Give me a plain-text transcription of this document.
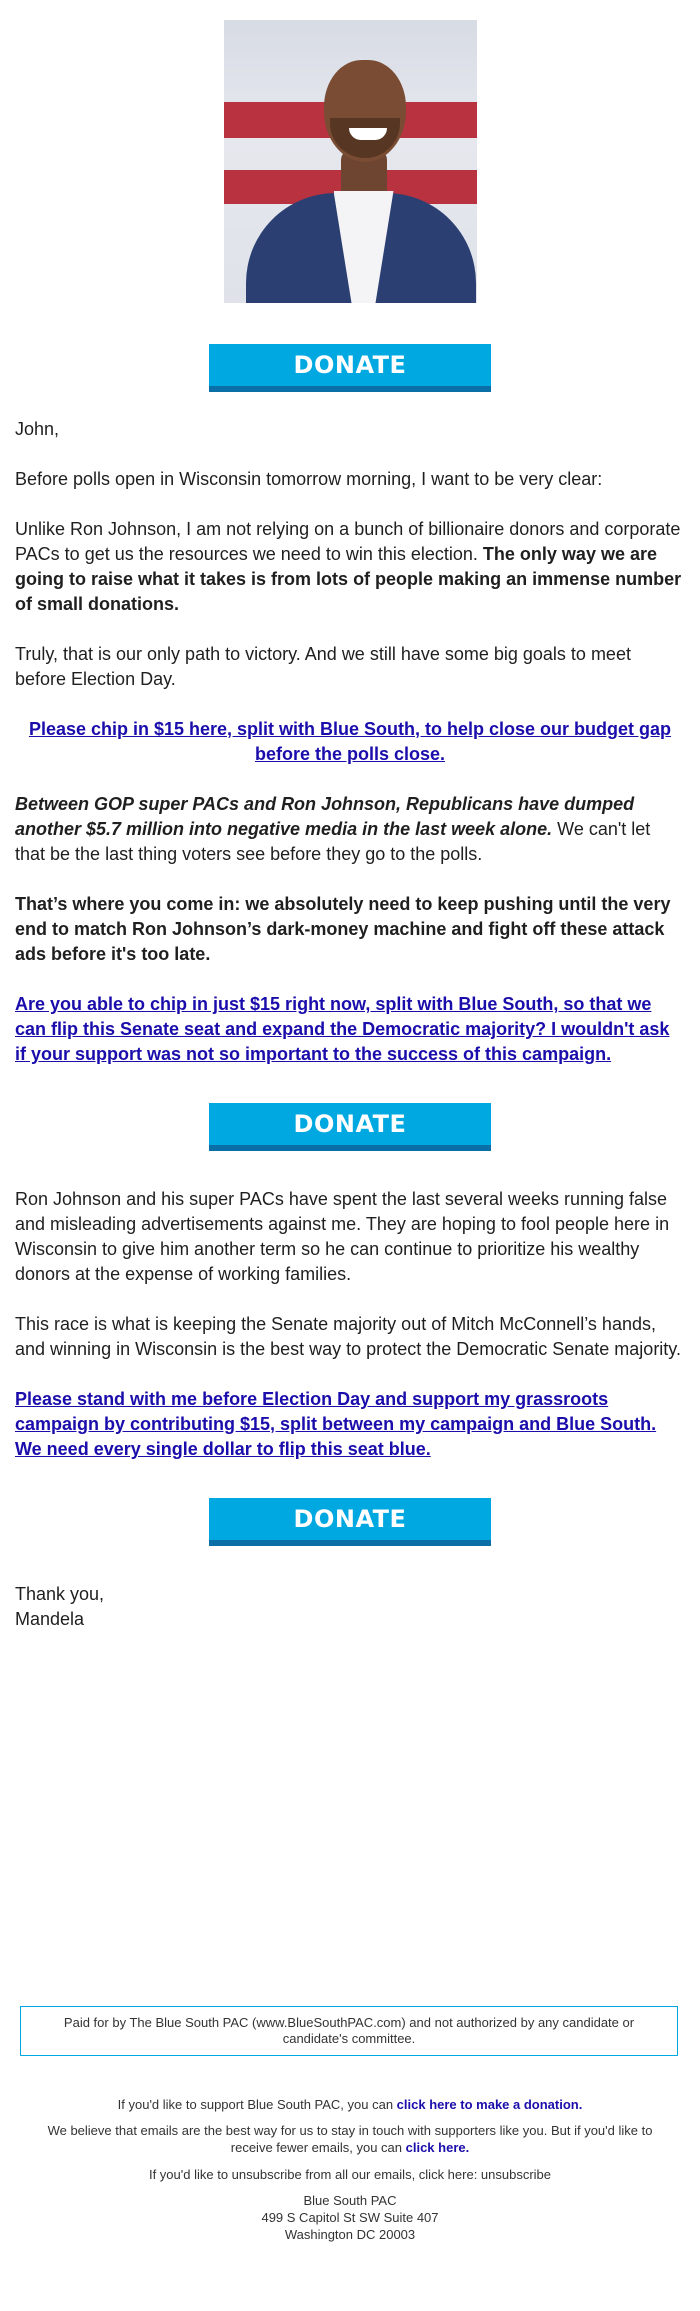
DONATE

John,

Before polls open in Wisconsin tomorrow morning, I want to be very clear:

Unlike Ron Johnson, I am not relying on a bunch of billionaire donors and corporate PACs to get us the resources we need to win this election. The only way we are going to raise what it takes is from lots of people making an immense number of small donations.

Truly, that is our only path to victory. And we still have some big goals to meet before Election Day.

Please chip in $15 here, split with Blue South, to help close our budget gap before the polls close.

Between GOP super PACs and Ron Johnson, Republicans have dumped another $5.7 million into negative media in the last week alone. We can't let that be the last thing voters see before they go to the polls.

That’s where you come in: we absolutely need to keep pushing until the very end to match Ron Johnson’s dark-money machine and fight off these attack ads before it's too late.

Are you able to chip in just $15 right now, split with Blue South, so that we can flip this Senate seat and expand the Democratic majority? I wouldn't ask if your support was not so important to the success of this campaign.

DONATE

Ron Johnson and his super PACs have spent the last several weeks running false and misleading advertisements against me. They are hoping to fool people here in Wisconsin to give him another term so he can continue to prioritize his wealthy donors at the expense of working families.

This race is what is keeping the Senate majority out of Mitch McConnell’s hands, and winning in Wisconsin is the best way to protect the Democratic Senate majority.

Please stand with me before Election Day and support my grassroots campaign by contributing $15, split between my campaign and Blue South. We need every single dollar to flip this seat blue.

DONATE

Thank you,

Mandela

Paid for by The Blue South PAC (www.BlueSouthPAC.com) and not authorized by any candidate or candidate's committee.
If you'd like to support Blue South PAC, you can click here to make a donation.
We believe that emails are the best way for us to stay in touch with supporters like you. But if you'd like to receive fewer emails, you can click here.
If you'd like to unsubscribe from all our emails, click here: unsubscribe
Blue South PAC
499 S Capitol St SW Suite 407
Washington DC 20003
